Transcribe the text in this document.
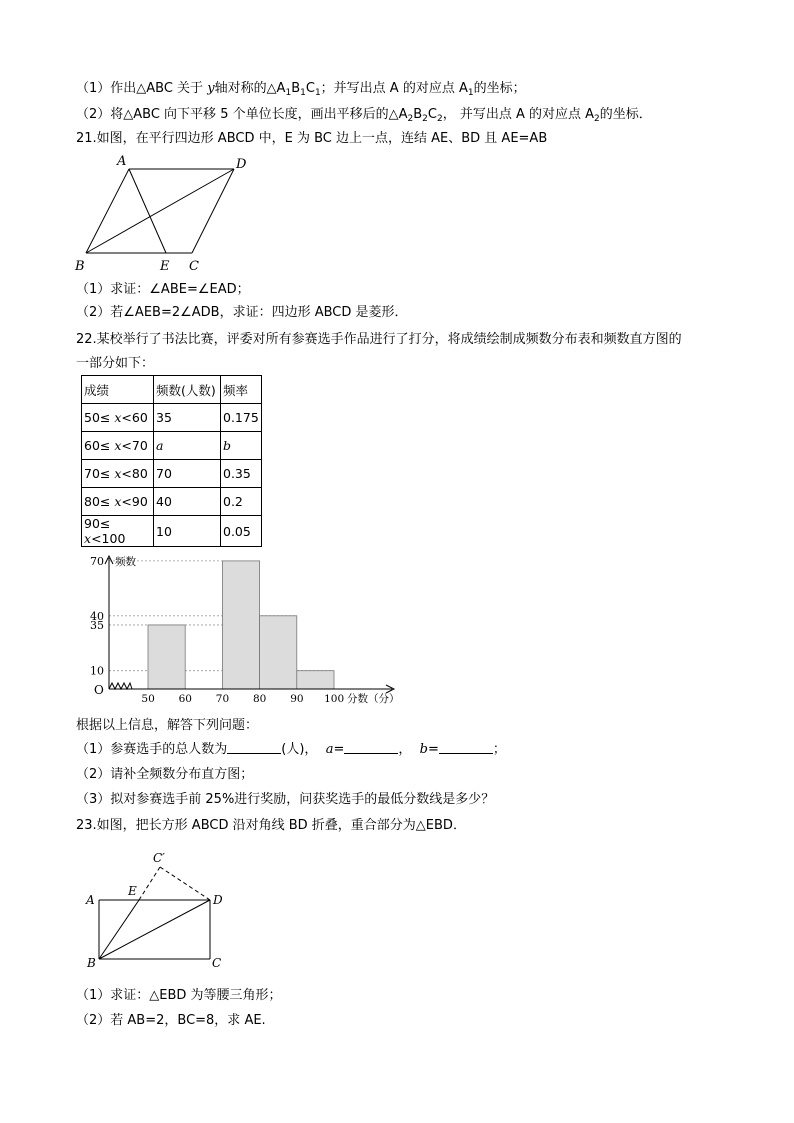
（1）作出△ABC 关于 y轴对称的$\triangle A_1B_1C_1$；并写出点 A 的对应点 $A_1$的坐标；
（2）将△ABC 向下平移 5 个单位长度，画出平移后的$\triangle A_2B_2C_2$， 并写出点 A 的对应点 $A_2$的坐标．
21.如图，在平行四边形 ABCD 中，E 为 BC 边上一点，连结 AE、BD 且 AE=AB
A	D
B	E C
（1）求证：∠ABE=∠EAD；
（2）若∠AEB=2∠ADB，求证：四边形 ABCD 是菱形．
22.某校举行了书法比赛，评委对所有参赛选手作品进行了打分，将成绩绘制成频数分布表和频数直方图的
一部分如下：
成绩	频数(人数)	频率
50≤ x<60	35	0.175
60≤ x<70	a	b
70≤ x<80	70	0.35
80≤ x<90	40	0.2
90≤ x<100	10	0.05
10
35
40
70
50 60 70 80 90 100
频数
O
分数（分）
根据以上信息，解答下列问题：
（1）参赛选手的总人数为	(人)， a=	， b=	；
（2）请补全频数分布直方图；
（3）拟对参赛选手前 25%进行奖励，问获奖选手的最低分数线是多少？
23.如图，把长方形 ABCD 沿对角线 BD 折叠，重合部分为△EBD．
C′
E
A	D
B	C
（1）求证：△EBD 为等腰三角形；
（2）若 AB=2，BC=8，求 AE.
